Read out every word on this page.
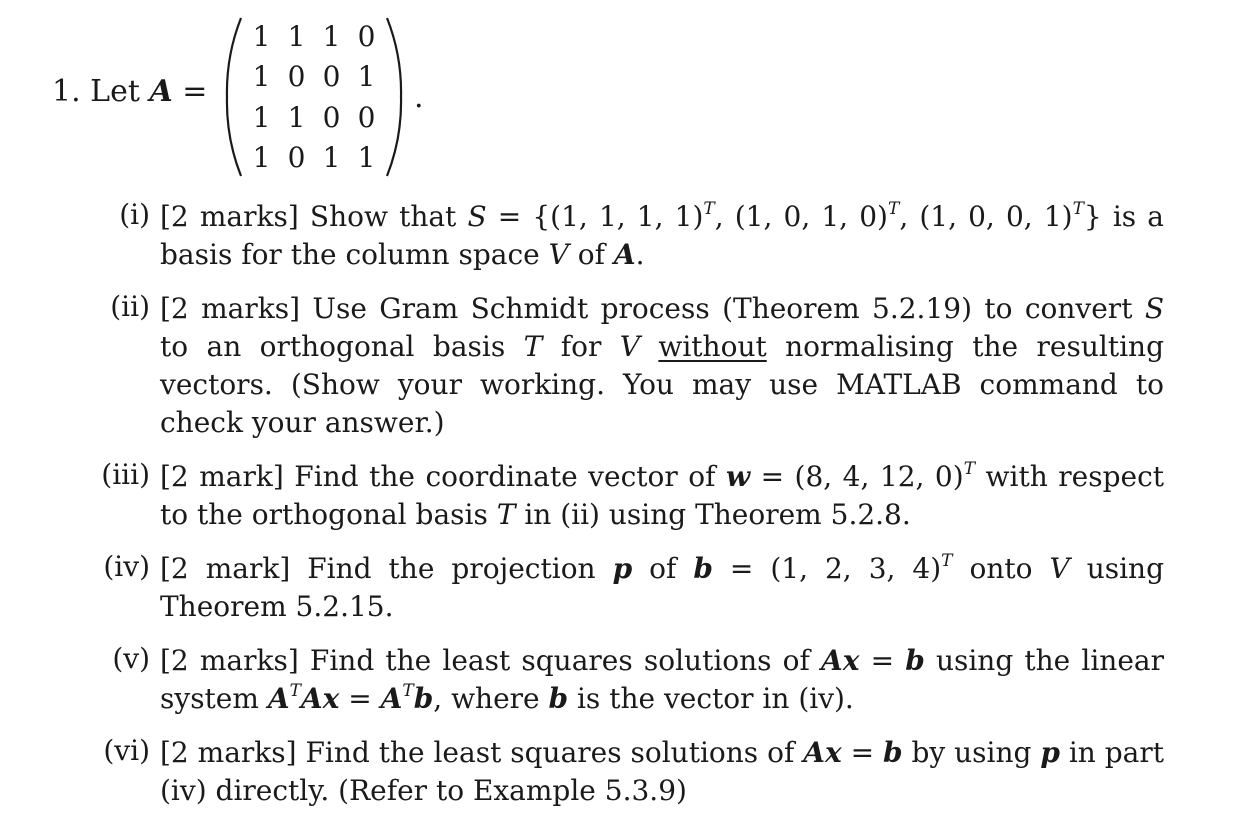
1. Let A =
1 1 1 0
1 0 0 1
1 1 0 0
1 0 1 1
.
(i) [2 marks] Show that S = {(1, 1, 1, 1)$^T$, (1, 0, 1, 0)$^T$, (1, 0, 0, 1)$^T$} is a basis for the column space V of A.
(ii) [2 marks] Use Gram Schmidt process (Theorem 5.2.19) to convert S to an orthogonal basis T for V without normalising the resulting vectors. (Show your working. You may use MATLAB command to check your answer.)
(iii) [2 mark] Find the coordinate vector of w = (8, 4, 12, 0)$^T$ with respect to the orthogonal basis T in (ii) using Theorem 5.2.8.
(iv) [2 mark] Find the projection p of b = (1, 2, 3, 4)$^T$ onto V using Theorem 5.2.15.
(v) [2 marks] Find the least squares solutions of Ax = b using the linear system $A^TAx = A^Tb$, where b is the vector in (iv).
(vi) [2 marks] Find the least squares solutions of Ax = b by using p in part (iv) directly. (Refer to Example 5.3.9)
